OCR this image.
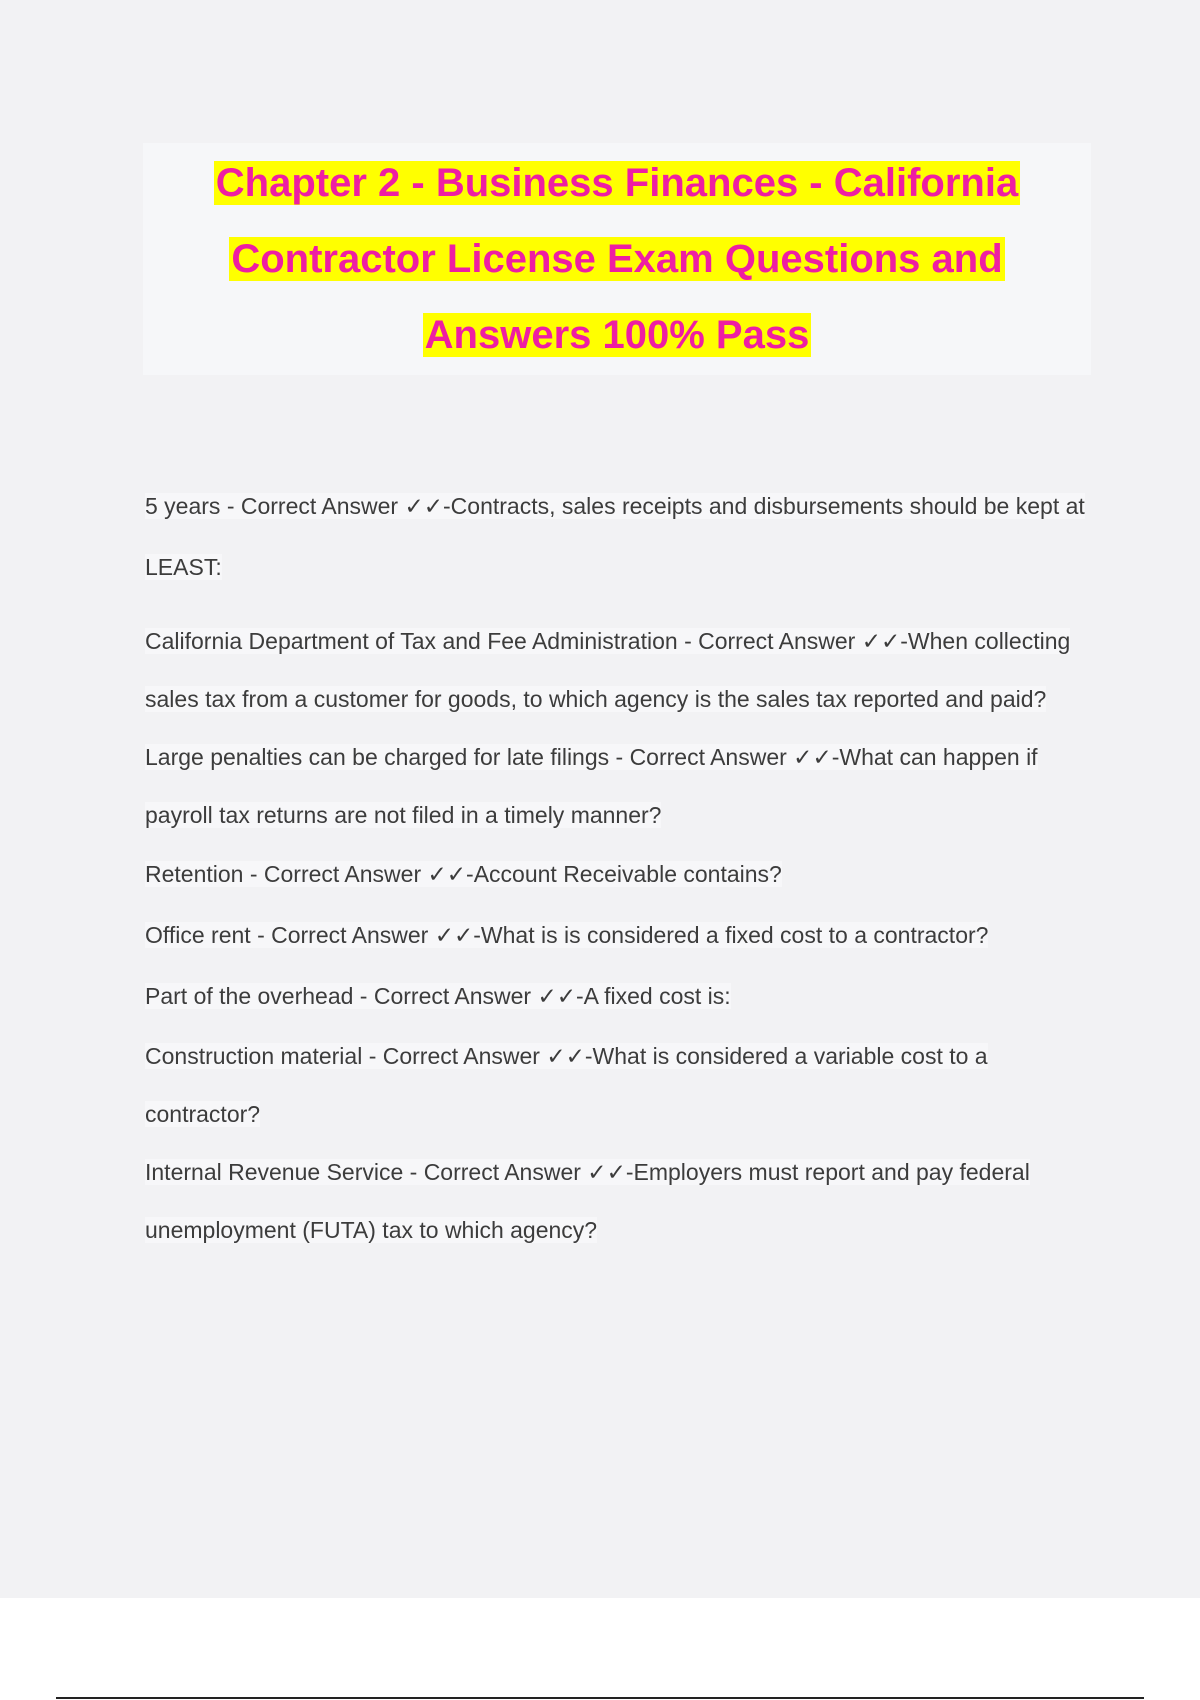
Chapter 2 - Business Finances - California
Contractor License Exam Questions and
Answers 100% Pass

5 years - Correct Answer ✓✓-Contracts, sales receipts and disbursements should be kept at LEAST:

California Department of Tax and Fee Administration - Correct Answer ✓✓-When collecting sales tax from a customer for goods, to which agency is the sales tax reported and paid?

Large penalties can be charged for late filings - Correct Answer ✓✓-What can happen if payroll tax returns are not filed in a timely manner?

Retention - Correct Answer ✓✓-Account Receivable contains?

Office rent - Correct Answer ✓✓-What is is considered a fixed cost to a contractor?

Part of the overhead - Correct Answer ✓✓-A fixed cost is:

Construction material - Correct Answer ✓✓-What is considered a variable cost to a contractor?

Internal Revenue Service - Correct Answer ✓✓-Employers must report and pay federal unemployment (FUTA) tax to which agency?
